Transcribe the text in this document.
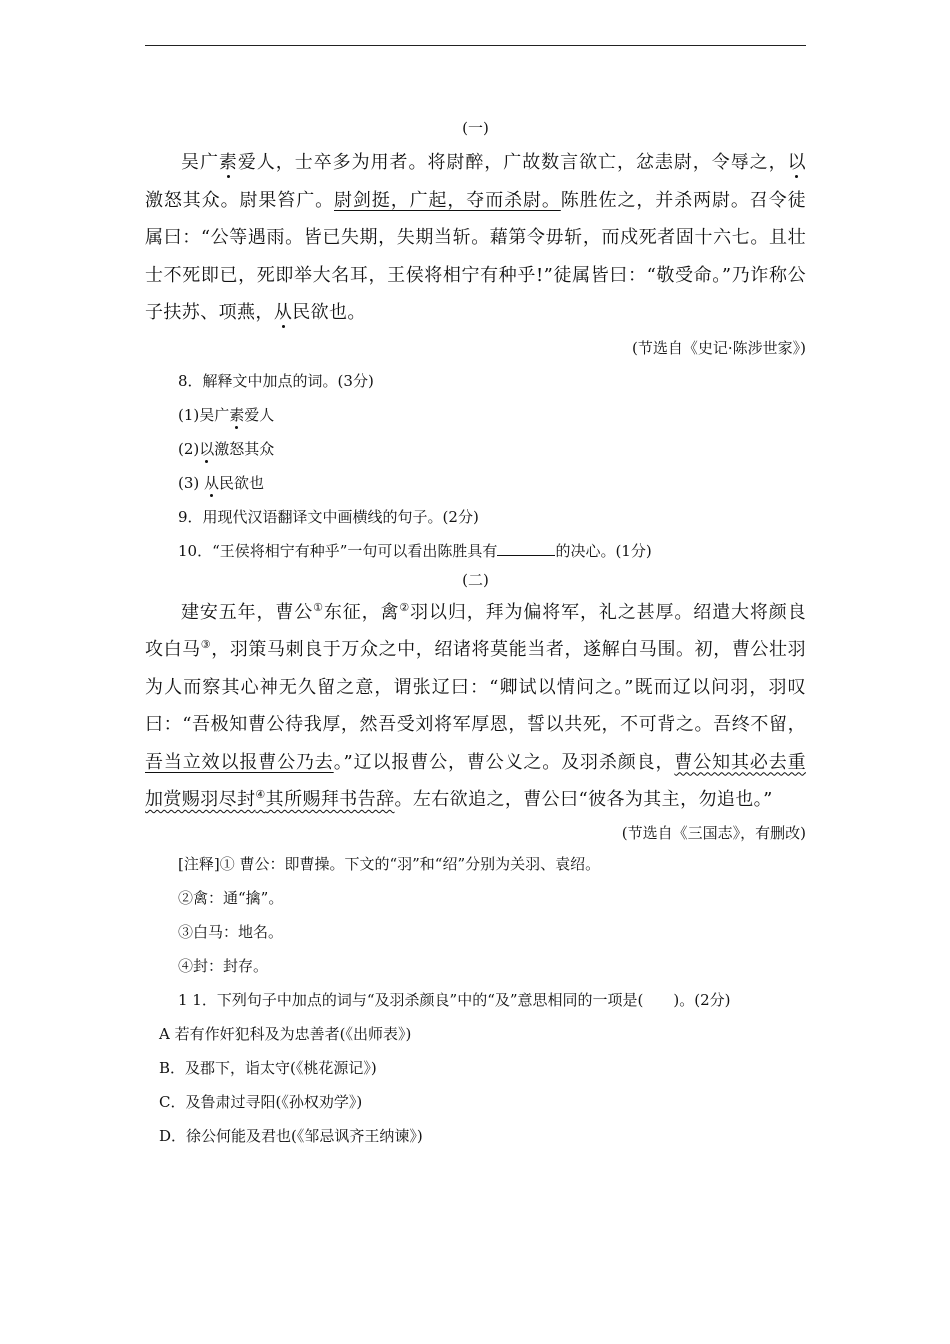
(一)

吴广素爱人，士卒多为用者。将尉醉，广故数言欲亡，忿恚尉，令辱之，以激怒其众。尉果笞广。尉剑挺，广起，夺而杀尉。陈胜佐之，并杀两尉。召令徒属曰：“公等遇雨。皆已失期，失期当斩。藉第令毋斩，而戍死者固十六七。且壮士不死即已，死即举大名耳，王侯将相宁有种乎!”徒属皆曰：“敬受命。”乃诈称公子扶苏、项燕，从民欲也。

(节选自《史记·陈涉世家》)
8．解释文中加点的词。(3分)
(1)吴广素爱人
(2)以激怒其众
(3) 从民欲也
9．用现代汉语翻译文中画横线的句子。(2分)
10．“王侯将相宁有种乎”一句可以看出陈胜具有	的决心。(1分)
(二)

建安五年，曹公①东征，禽②羽以归，拜为偏将军，礼之甚厚。绍遣大将颜良攻白马③，羽策马刺良于万众之中，绍诸将莫能当者，遂解白马围。初，曹公壮羽为人而察其心神无久留之意，谓张辽曰：“卿试以情问之。”既而辽以问羽，羽叹曰：“吾极知曹公待我厚，然吾受刘将军厚恩，誓以共死，不可背之。吾终不留，吾当立效以报曹公乃去。”辽以报曹公，曹公义之。及羽杀颜良，曹公知其必去重加赏赐羽尽封④其所赐拜书告辞。左右欲追之，曹公曰“彼各为其主，勿追也。”

(节选自《三国志》，有删改)
[注释]① 曹公：即曹操。下文的“羽”和“绍”分别为关羽、袁绍。
②禽：通“擒”。
③白马：地名。
④封：封存。
1 1．下列句子中加点的词与“及羽杀颜良”中的“及”意思相同的一项是(　　)。(2分)
A 若有作奸犯科及为忠善者(《出师表》)
B．及郡下，诣太守(《桃花源记》)
C．及鲁肃过寻阳(《孙权劝学》)
D．徐公何能及君也(《邹忌讽齐王纳谏》)
